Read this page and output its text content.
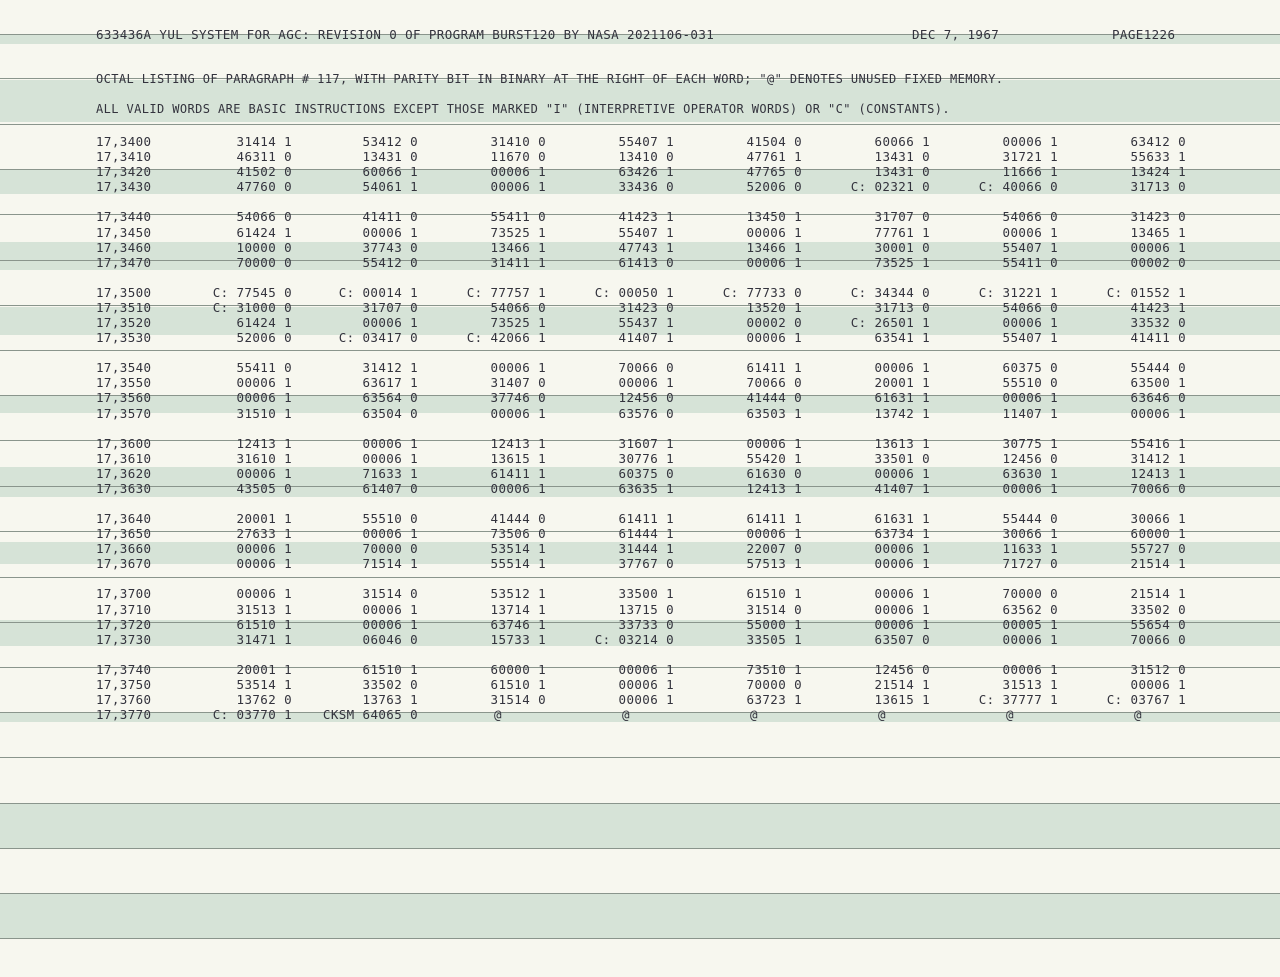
633436A YUL SYSTEM FOR AGC: REVISION 0 OF PROGRAM BURST120 BY NASA 2021106-031	DEC 7, 1967	PAGE1226
OCTAL LISTING OF PARAGRAPH # 117, WITH PARITY BIT IN BINARY AT THE RIGHT OF EACH WORD; "@" DENOTES UNUSED FIXED MEMORY.
ALL VALID WORDS ARE BASIC INSTRUCTIONS EXCEPT THOSE MARKED "I" (INTERPRETIVE OPERATOR WORDS) OR "C" (CONSTANTS).
17,3400	31414 1	53412 0	31410 0	55407 1	41504 0	60066 1	00006 1	63412 0
17,3410	46311 0	13431 0	11670 0	13410 0	47761 1	13431 0	31721 1	55633 1
17,3420	41502 0	60066 1	00006 1	63426 1	47765 0	13431 0	11666 1	13424 1
17,3430	47760 0	54061 1	00006 1	33436 0	52006 0	C: 02321 0	C: 40066 0	31713 0
17,3440	54066 0	41411 0	55411 0	41423 1	13450 1	31707 0	54066 0	31423 0
17,3450	61424 1	00006 1	73525 1	55407 1	00006 1	77761 1	00006 1	13465 1
17,3460	10000 0	37743 0	13466 1	47743 1	13466 1	30001 0	55407 1	00006 1
17,3470	70000 0	55412 0	31411 1	61413 0	00006 1	73525 1	55411 0	00002 0
17,3500	C: 77545 0	C: 00014 1	C: 77757 1	C: 00050 1	C: 77733 0	C: 34344 0	C: 31221 1	C: 01552 1
17,3510	C: 31000 0	31707 0	54066 0	31423 0	13520 1	31713 0	54066 0	41423 1
17,3520	61424 1	00006 1	73525 1	55437 1	00002 0	C: 26501 1	00006 1	33532 0
17,3530	52006 0	C: 03417 0	C: 42066 1	41407 1	00006 1	63541 1	55407 1	41411 0
17,3540	55411 0	31412 1	00006 1	70066 0	61411 1	00006 1	60375 0	55444 0
17,3550	00006 1	63617 1	31407 0	00006 1	70066 0	20001 1	55510 0	63500 1
17,3560	00006 1	63564 0	37746 0	12456 0	41444 0	61631 1	00006 1	63646 0
17,3570	31510 1	63504 0	00006 1	63576 0	63503 1	13742 1	11407 1	00006 1
17,3600	12413 1	00006 1	12413 1	31607 1	00006 1	13613 1	30775 1	55416 1
17,3610	31610 1	00006 1	13615 1	30776 1	55420 1	33501 0	12456 0	31412 1
17,3620	00006 1	71633 1	61411 1	60375 0	61630 0	00006 1	63630 1	12413 1
17,3630	43505 0	61407 0	00006 1	63635 1	12413 1	41407 1	00006 1	70066 0
17,3640	20001 1	55510 0	41444 0	61411 1	61411 1	61631 1	55444 0	30066 1
17,3650	27633 1	00006 1	73506 0	61444 1	00006 1	63734 1	30066 1	60000 1
17,3660	00006 1	70000 0	53514 1	31444 1	22007 0	00006 1	11633 1	55727 0
17,3670	00006 1	71514 1	55514 1	37767 0	57513 1	00006 1	71727 0	21514 1
17,3700	00006 1	31514 0	53512 1	33500 1	61510 1	00006 1	70000 0	21514 1
17,3710	31513 1	00006 1	13714 1	13715 0	31514 0	00006 1	63562 0	33502 0
17,3720	61510 1	00006 1	63746 1	33733 0	55000 1	00006 1	00005 1	55654 0
17,3730	31471 1	06046 0	15733 1	C: 03214 0	33505 1	63507 0	00006 1	70066 0
17,3740	20001 1	61510 1	60000 1	00006 1	73510 1	12456 0	00006 1	31512 0
17,3750	53514 1	33502 0	61510 1	00006 1	70000 0	21514 1	31513 1	00006 1
17,3760	13762 0	13763 1	31514 0	00006 1	63723 1	13615 1	C: 37777 1	C: 03767 1
17,3770	C: 03770 1 CKSM 64065 0	@	@	@	@	@	@
